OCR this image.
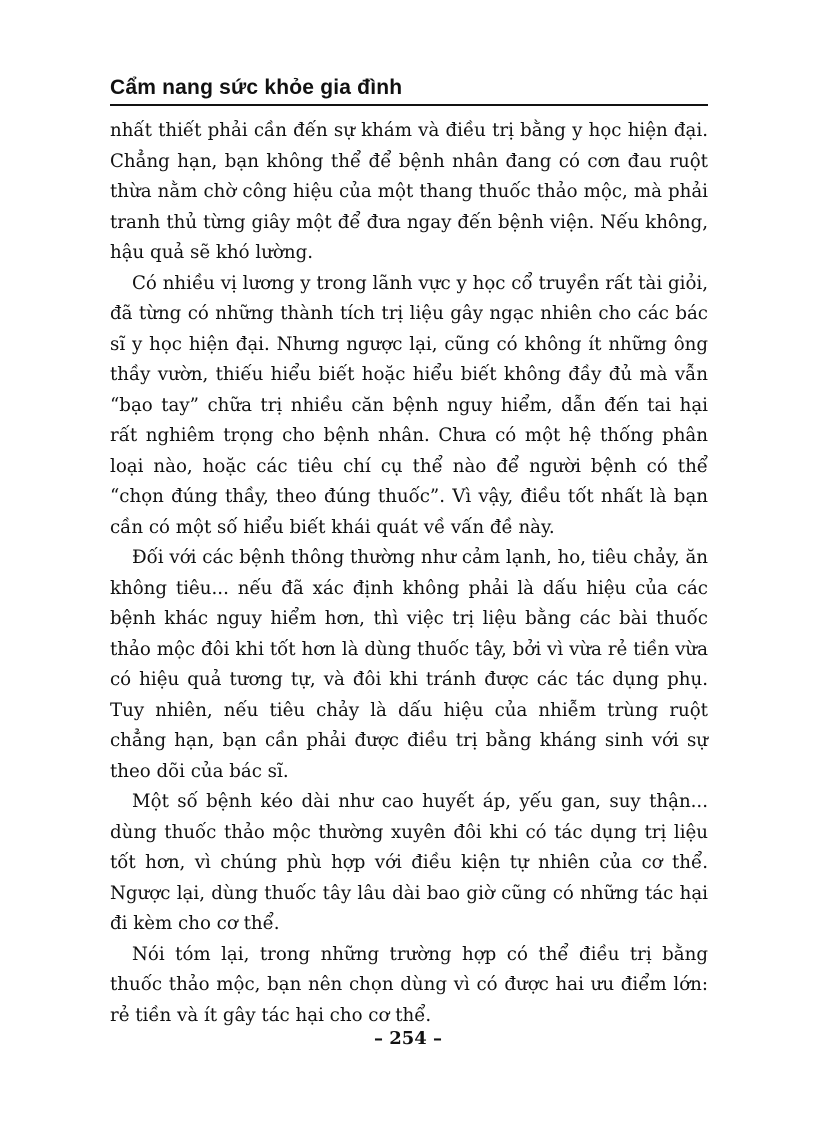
Cẩm nang sức khỏe gia đình

nhất thiết phải cần đến sự khám và điều trị bằng y học hiện đại. Chẳng hạn, bạn không thể để bệnh nhân đang có cơn đau ruột thừa nằm chờ công hiệu của một thang thuốc thảo mộc, mà phải tranh thủ từng giây một để đưa ngay đến bệnh viện. Nếu không, hậu quả sẽ khó lường.

Có nhiều vị lương y trong lãnh vực y học cổ truyền rất tài giỏi, đã từng có những thành tích trị liệu gây ngạc nhiên cho các bác sĩ y học hiện đại. Nhưng ngược lại, cũng có không ít những ông thầy vườn, thiếu hiểu biết hoặc hiểu biết không đầy đủ mà vẫn “bạo tay” chữa trị nhiều căn bệnh nguy hiểm, dẫn đến tai hại rất nghiêm trọng cho bệnh nhân. Chưa có một hệ thống phân loại nào, hoặc các tiêu chí cụ thể nào để người bệnh có thể “chọn đúng thầy, theo đúng thuốc”. Vì vậy, điều tốt nhất là bạn cần có một số hiểu biết khái quát về vấn đề này.

Đối với các bệnh thông thường như cảm lạnh, ho, tiêu chảy, ăn không tiêu... nếu đã xác định không phải là dấu hiệu của các bệnh khác nguy hiểm hơn, thì việc trị liệu bằng các bài thuốc thảo mộc đôi khi tốt hơn là dùng thuốc tây, bởi vì vừa rẻ tiền vừa có hiệu quả tương tự, và đôi khi tránh được các tác dụng phụ. Tuy nhiên, nếu tiêu chảy là dấu hiệu của nhiễm trùng ruột chẳng hạn, bạn cần phải được điều trị bằng kháng sinh với sự theo dõi của bác sĩ.

Một số bệnh kéo dài như cao huyết áp, yếu gan, suy thận... dùng thuốc thảo mộc thường xuyên đôi khi có tác dụng trị liệu tốt hơn, vì chúng phù hợp với điều kiện tự nhiên của cơ thể. Ngược lại, dùng thuốc tây lâu dài bao giờ cũng có những tác hại đi kèm cho cơ thể.

Nói tóm lại, trong những trường hợp có thể điều trị bằng thuốc thảo mộc, bạn nên chọn dùng vì có được hai ưu điểm lớn: rẻ tiền và ít gây tác hại cho cơ thể.

– 254 –
